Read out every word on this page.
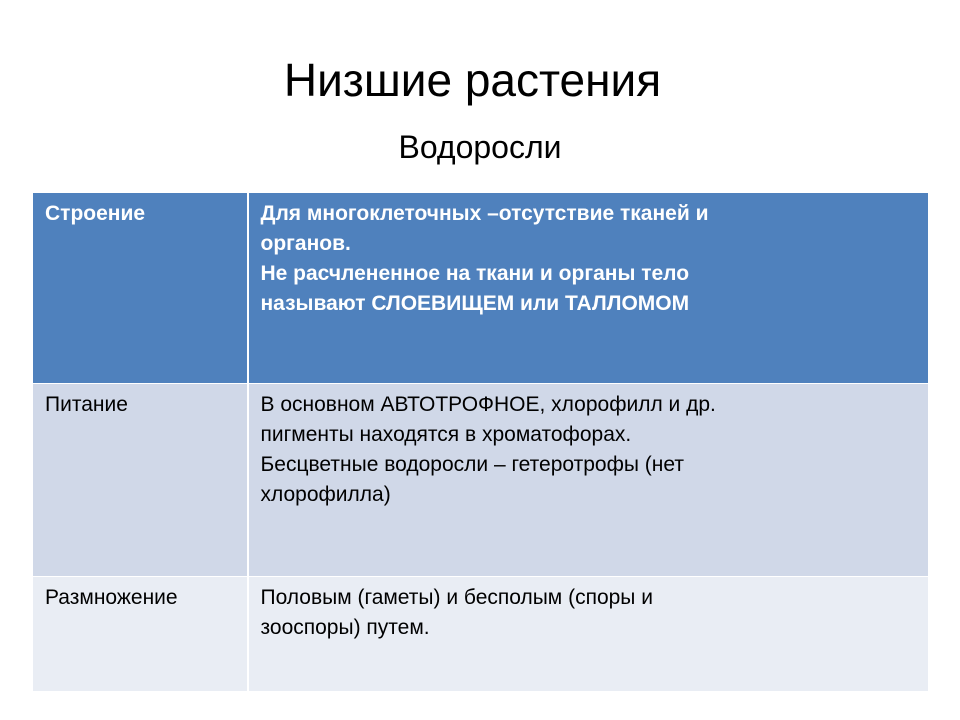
Низшие растения
Водоросли
Строение	Для многоклеточных –отсутствие тканей и
органов.
Не расчлененное на ткани и органы тело
называют СЛОЕВИЩЕМ или ТАЛЛОМОМ

Питание	В основном АВТОТРОФНОЕ, хлорофилл и др.
пигменты находятся в хроматофорах.
Бесцветные водоросли – гетеротрофы (нет
хлорофилла)

Размножение	Половым (гаметы) и бесполым (споры и
зооспоры) путем.
